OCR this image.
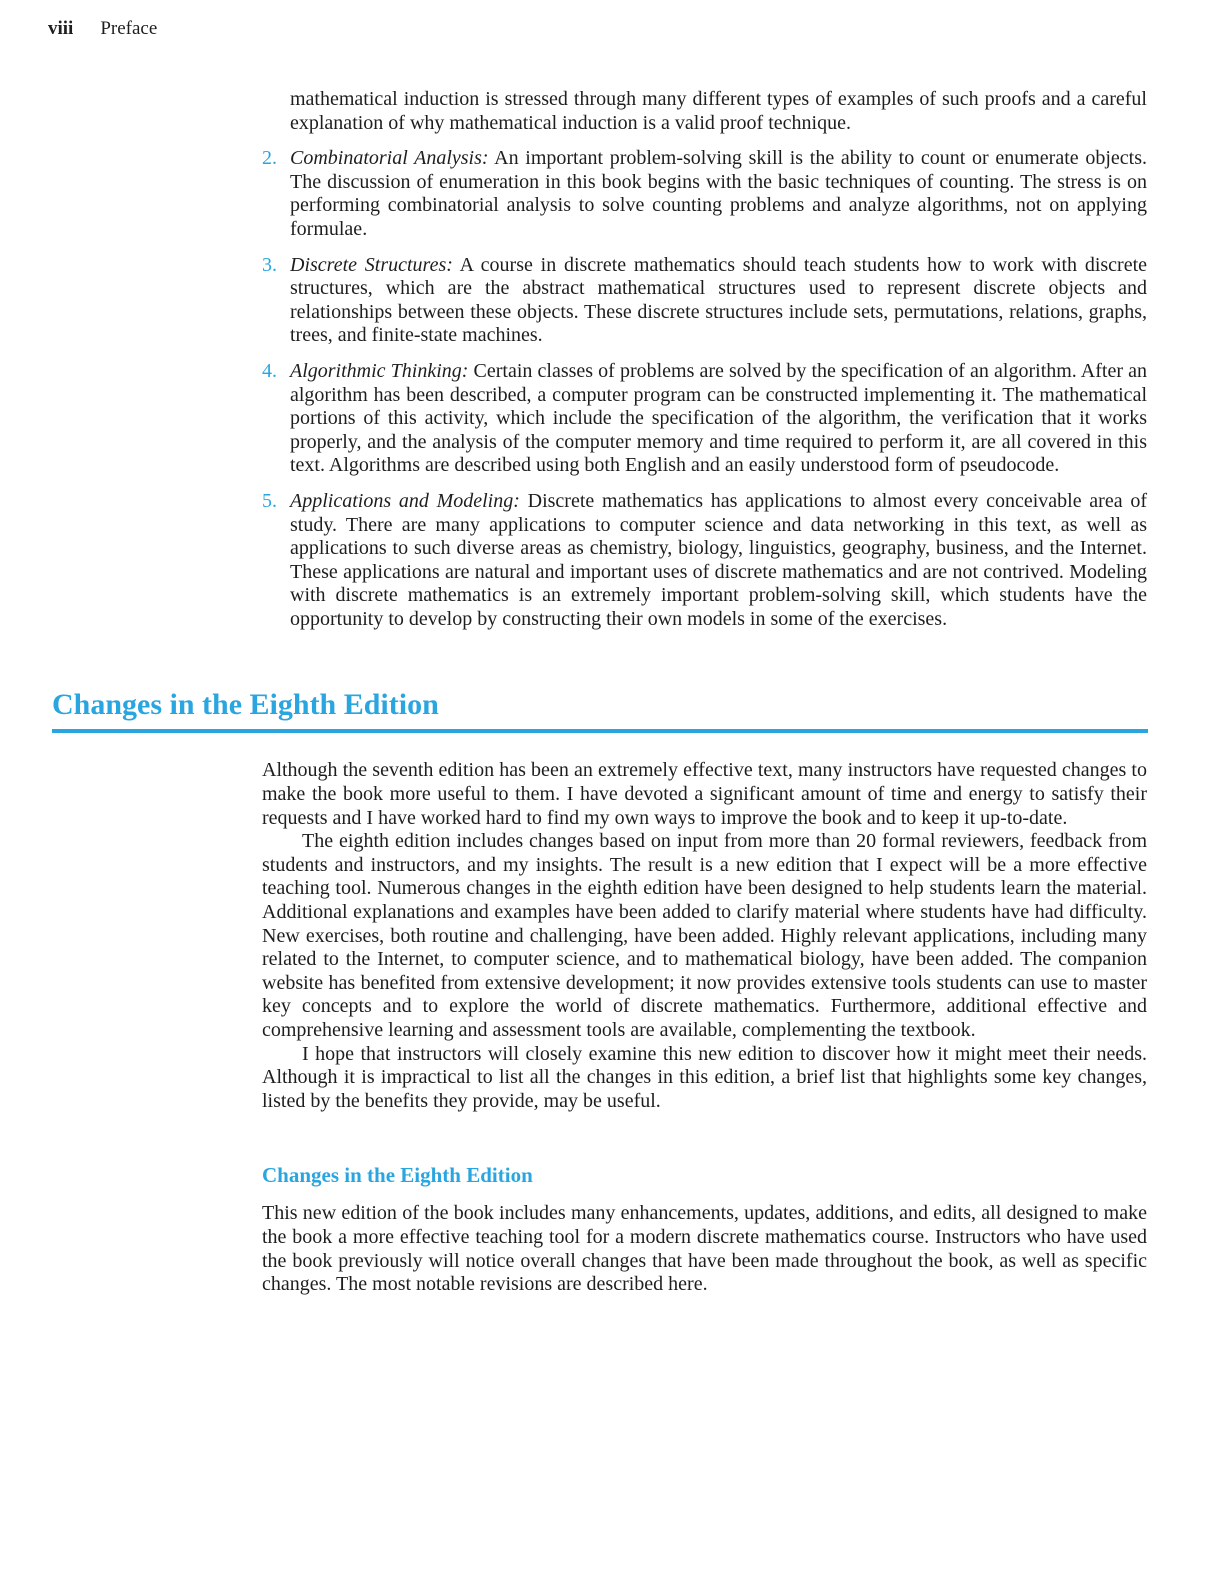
viii Preface

mathematical induction is stressed through many different types of examples of such proofs and a careful explanation of why mathematical induction is a valid proof technique.

2. Combinatorial Analysis: An important problem-solving skill is the ability to count or enumerate objects. The discussion of enumeration in this book begins with the basic techniques of counting. The stress is on performing combinatorial analysis to solve counting problems and analyze algorithms, not on applying formulae.
3. Discrete Structures: A course in discrete mathematics should teach students how to work with discrete structures, which are the abstract mathematical structures used to represent discrete objects and relationships between these objects. These discrete structures include sets, permutations, relations, graphs, trees, and finite-state machines.
4. Algorithmic Thinking: Certain classes of problems are solved by the specification of an algorithm. After an algorithm has been described, a computer program can be constructed implementing it. The mathematical portions of this activity, which include the specification of the algorithm, the verification that it works properly, and the analysis of the computer memory and time required to perform it, are all covered in this text. Algorithms are described using both English and an easily understood form of pseudocode.
5. Applications and Modeling: Discrete mathematics has applications to almost every conceivable area of study. There are many applications to computer science and data networking in this text, as well as applications to such diverse areas as chemistry, biology, linguistics, geography, business, and the Internet. These applications are natural and important uses of discrete mathematics and are not contrived. Modeling with discrete mathematics is an extremely important problem-solving skill, which students have the opportunity to develop by constructing their own models in some of the exercises.
Changes in the Eighth Edition

Although the seventh edition has been an extremely effective text, many instructors have requested changes to make the book more useful to them. I have devoted a significant amount of time and energy to satisfy their requests and I have worked hard to find my own ways to improve the book and to keep it up-to-date.

The eighth edition includes changes based on input from more than 20 formal reviewers, feedback from students and instructors, and my insights. The result is a new edition that I expect will be a more effective teaching tool. Numerous changes in the eighth edition have been designed to help students learn the material. Additional explanations and examples have been added to clarify material where students have had difficulty. New exercises, both routine and challenging, have been added. Highly relevant applications, including many related to the Internet, to computer science, and to mathematical biology, have been added. The companion website has benefited from extensive development; it now provides extensive tools students can use to master key concepts and to explore the world of discrete mathematics. Furthermore, additional effective and comprehensive learning and assessment tools are available, complementing the textbook.

I hope that instructors will closely examine this new edition to discover how it might meet their needs. Although it is impractical to list all the changes in this edition, a brief list that highlights some key changes, listed by the benefits they provide, may be useful.

Changes in the Eighth Edition

This new edition of the book includes many enhancements, updates, additions, and edits, all designed to make the book a more effective teaching tool for a modern discrete mathematics course. Instructors who have used the book previously will notice overall changes that have been made throughout the book, as well as specific changes. The most notable revisions are described here.
